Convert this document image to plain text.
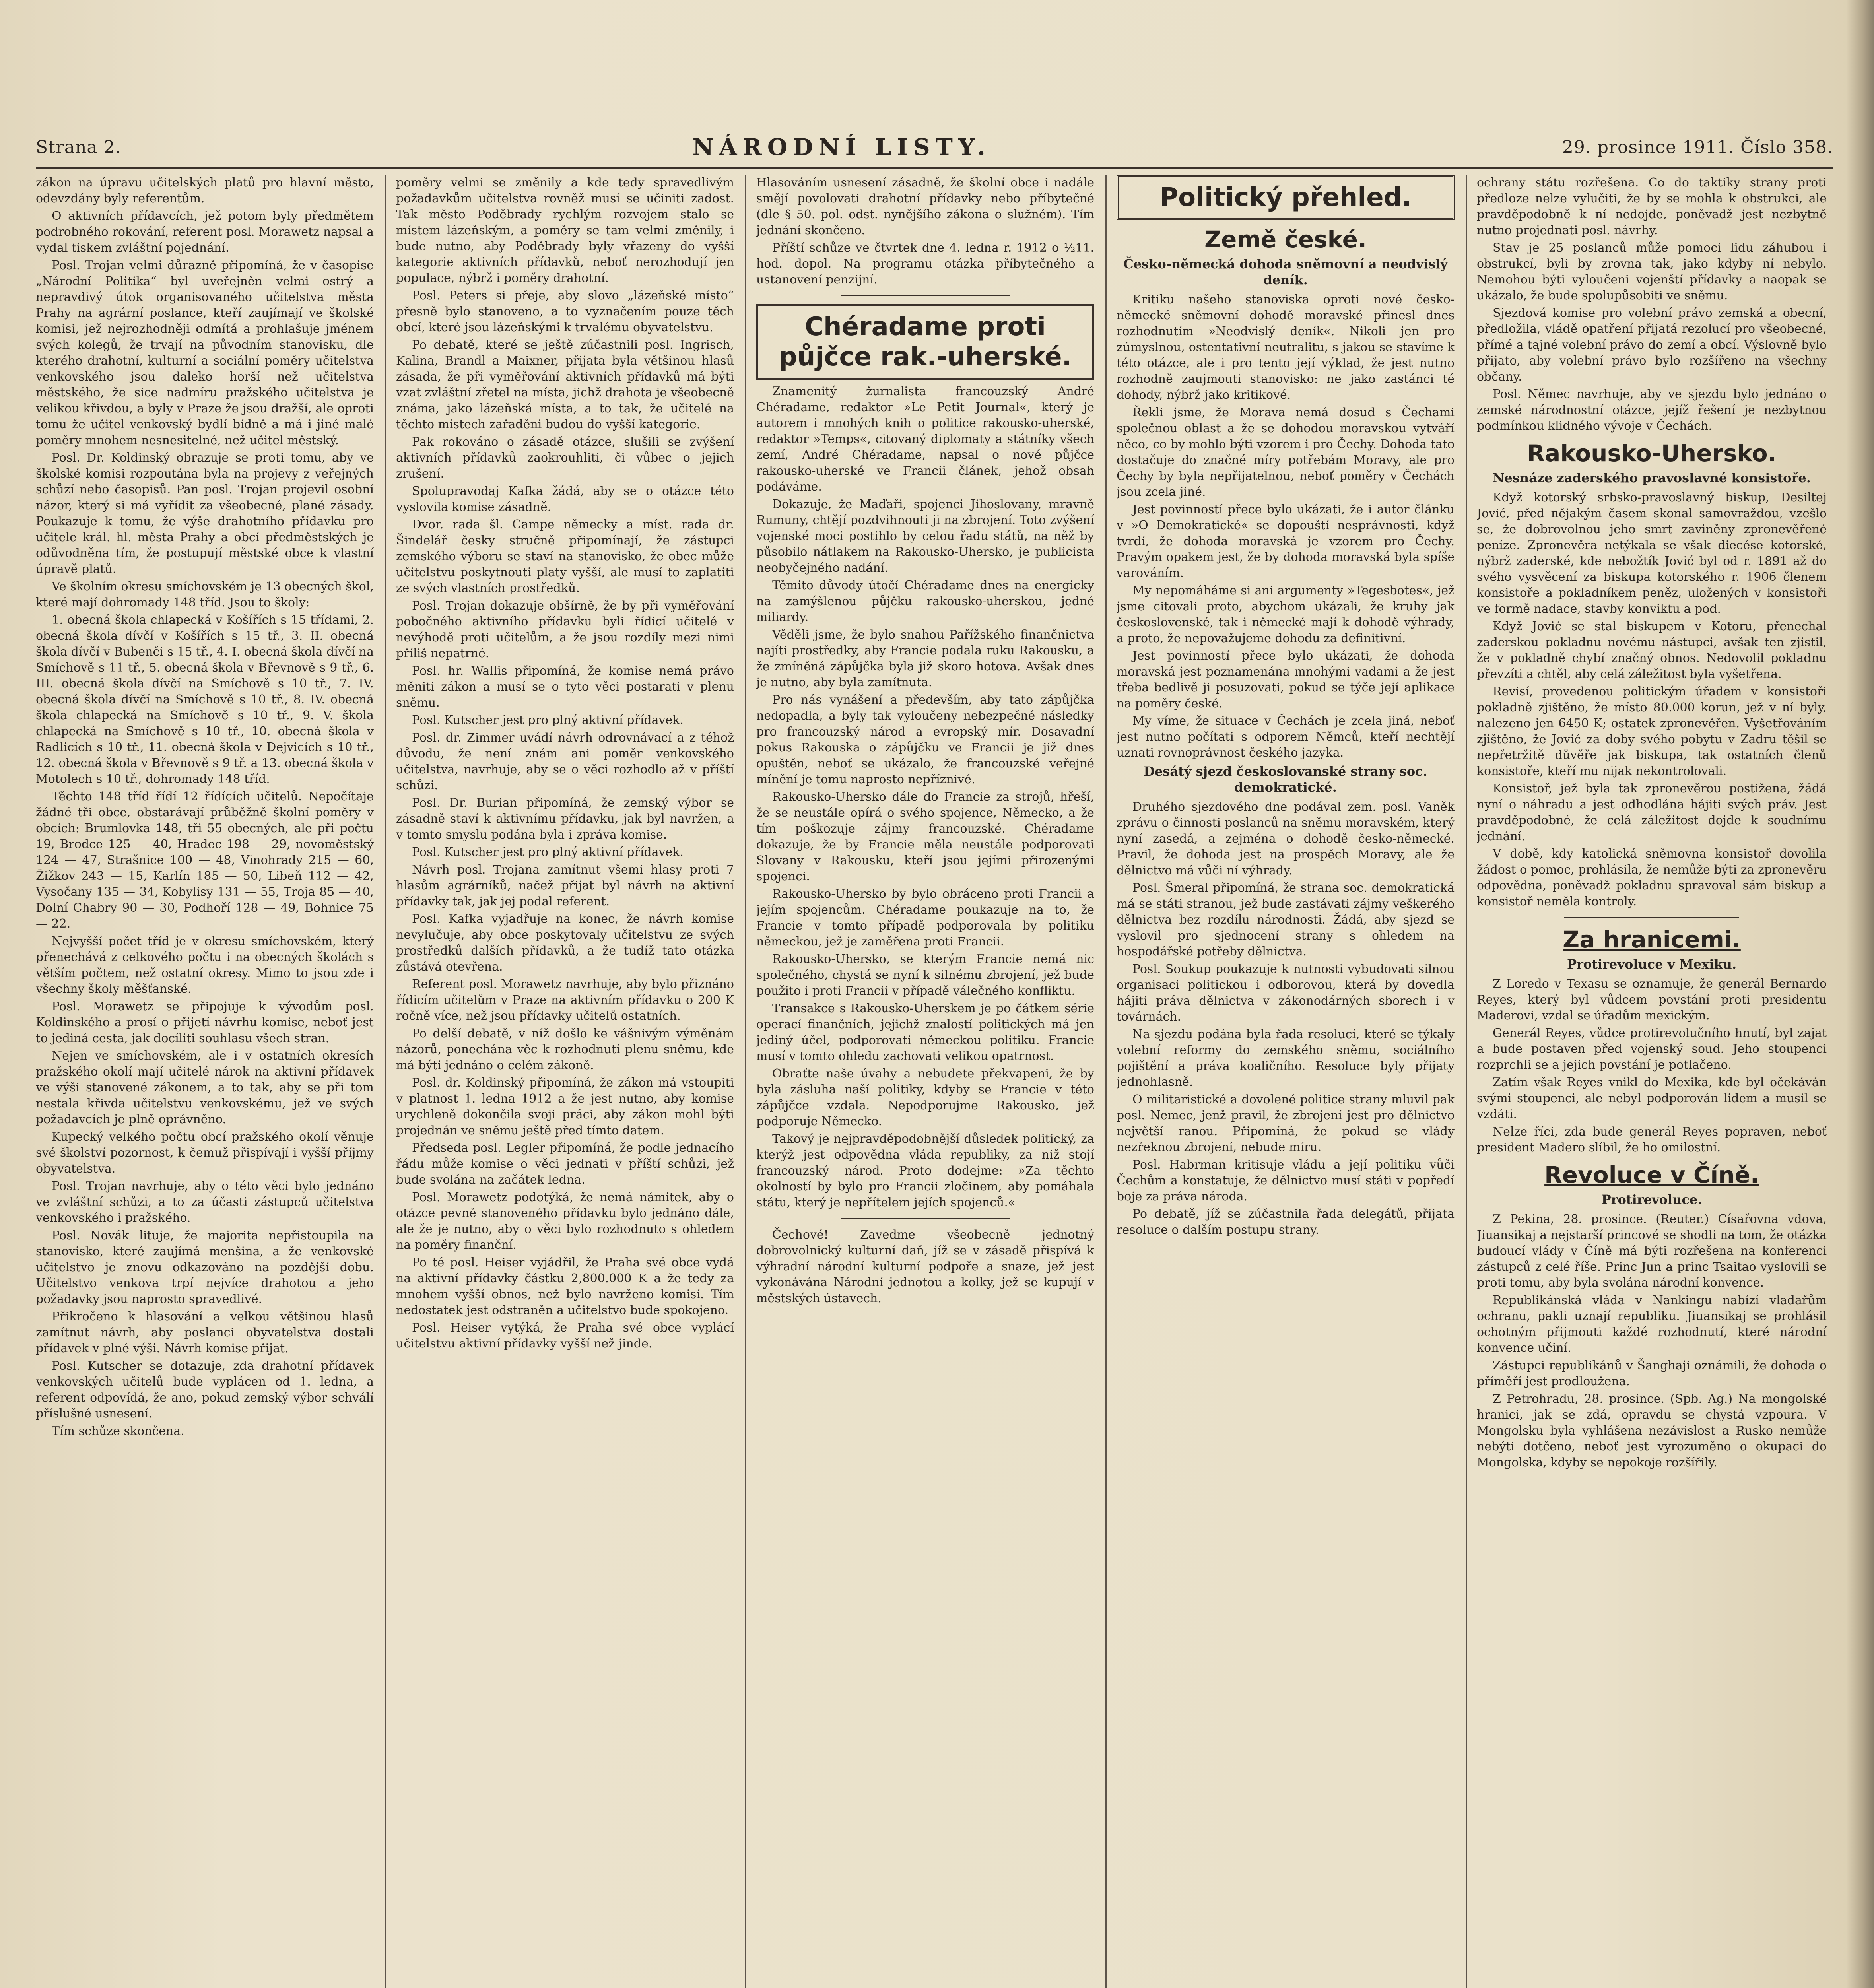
Strana 2.	NÁRODNÍ LISTY.	29. prosince 1911. Číslo 358.

zákon na úpravu učitelských platů pro hlavní město, odevzdány byly referentům.

O aktivních přídavcích, jež potom byly předmětem podrobného rokování, referent posl. Morawetz napsal a vydal tiskem zvláštní pojednání.

Posl. Trojan velmi důrazně připomíná, že v časopise „Národní Politika“ byl uveřejněn velmi ostrý a nepravdivý útok organisovaného učitelstva města Prahy na agrární poslance, kteří zaujímají ve školské komisi, jež nejrozhodněji odmítá a prohlašuje jménem svých kolegů, že trvají na původním stanovisku, dle kterého drahotní, kulturní a sociální poměry učitelstva venkovského jsou daleko horší než učitelstva městského, že sice nadmíru pražského učitelstva je velikou křivdou, a byly v Praze že jsou dražší, ale oproti tomu že učitel venkovský bydlí bídně a má i jiné malé poměry mnohem nesnesitelné, než učitel městský.

Posl. Dr. Koldinský obrazuje se proti tomu, aby ve školské komisi rozpoutána byla na projevy z veřejných schůzí nebo časopisů. Pan posl. Trojan projevil osobní názor, který si má vyřídit za všeobecné, plané zásady. Poukazuje k tomu, že výše drahotního přídavku pro učitele král. hl. města Prahy a obcí předměstských je odůvodněna tím, že postupují městské obce k vlastní úpravě platů.

Ve školním okresu smíchovském je 13 obecných škol, které mají dohromady 148 tříd. Jsou to školy:

1. obecná škola chlapecká v Košířích s 15 třídami, 2. obecná škola dívčí v Košířích s 15 tř., 3. II. obecná škola dívčí v Bubenči s 15 tř., 4. I. obecná škola dívčí na Smíchově s 11 tř., 5. obecná škola v Břevnově s 9 tř., 6. III. obecná škola dívčí na Smíchově s 10 tř., 7. IV. obecná škola dívčí na Smíchově s 10 tř., 8. IV. obecná škola chlapecká na Smíchově s 10 tř., 9. V. škola chlapecká na Smíchově s 10 tř., 10. obecná škola v Radlicích s 10 tř., 11. obecná škola v Dejvicích s 10 tř., 12. obecná škola v Břevnově s 9 tř. a 13. obecná škola v Motolech s 10 tř., dohromady 148 tříd.

Těchto 148 tříd řídí 12 řídících učitelů. Nepočítaje žádné tři obce, obstarávají průběžně školní poměry v obcích: Brumlovka 148, tři 55 obecných, ale při počtu 19, Brodce 125 — 40, Hradec 198 — 29, novoměstský 124 — 47, Strašnice 100 — 48, Vinohrady 215 — 60, Žižkov 243 — 15, Karlín 185 — 50, Libeň 112 — 42, Vysočany 135 — 34, Kobylisy 131 — 55, Troja 85 — 40, Dolní Chabry 90 — 30, Podhoří 128 — 49, Bohnice 75 — 22.

Nejvyšší počet tříd je v okresu smíchovském, který přenechává z celkového počtu i na obecných školách s větším počtem, než ostatní okresy. Mimo to jsou zde i všechny školy měšťanské.

Posl. Morawetz se připojuje k vývodům posl. Koldinského a prosí o přijetí návrhu komise, neboť jest to jediná cesta, jak docíliti souhlasu všech stran.

Nejen ve smíchovském, ale i v ostatních okresích pražského okolí mají učitelé nárok na aktivní přídavek ve výši stanovené zákonem, a to tak, aby se při tom nestala křivda učitelstvu venkovskému, jež ve svých požadavcích je plně oprávněno.

Kupecký velkého počtu obcí pražského okolí věnuje své školství pozornost, k čemuž přispívají i vyšší příjmy obyvatelstva.

Posl. Trojan navrhuje, aby o této věci bylo jednáno ve zvláštní schůzi, a to za účasti zástupců učitelstva venkovského i pražského.

Posl. Novák lituje, že majorita nepřistoupila na stanovisko, které zaujímá menšina, a že venkovské učitelstvo je znovu odkazováno na pozdější dobu. Učitelstvo venkova trpí nejvíce drahotou a jeho požadavky jsou naprosto spravedlivé.

Přikročeno k hlasování a velkou většinou hlasů zamítnut návrh, aby poslanci obyvatelstva dostali přídavek v plné výši. Návrh komise přijat.

Posl. Kutscher se dotazuje, zda drahotní přídavek venkovských učitelů bude vyplácen od 1. ledna, a referent odpovídá, že ano, pokud zemský výbor schválí příslušné usnesení.

Tím schůze skončena.

poměry velmi se změnily a kde tedy spravedlivým požadavkům učitelstva rovněž musí se učiniti zadost. Tak město Poděbrady rychlým rozvojem stalo se místem lázeňským, a poměry se tam velmi změnily, i bude nutno, aby Poděbrady byly vřazeny do vyšší kategorie aktivních přídavků, neboť nerozhodují jen populace, nýbrž i poměry drahotní.

Posl. Peters si přeje, aby slovo „lázeňské místo“ přesně bylo stanoveno, a to vyznačením pouze těch obcí, které jsou lázeňskými k trvalému obyvatelstvu.

Po debatě, které se ještě zúčastnili posl. Ingrisch, Kalina, Brandl a Maixner, přijata byla většinou hlasů zásada, že při vyměřování aktivních přídavků má býti vzat zvláštní zřetel na místa, jichž drahota je všeobecně známa, jako lázeňská místa, a to tak, že učitelé na těchto místech zařaděni budou do vyšší kategorie.

Pak rokováno o zásadě otázce, slušili se zvýšení aktivních přídavků zaokrouhliti, či vůbec o jejich zrušení.

Spolupravodaj Kafka žádá, aby se o otázce této vyslovila komise zásadně.

Dvor. rada šl. Campe německy a míst. rada dr. Šindelář česky stručně připomínají, že zástupci zemského výboru se staví na stanovisko, že obec může učitelstvu poskytnouti platy vyšší, ale musí to zaplatiti ze svých vlastních prostředků.

Posl. Trojan dokazuje obšírně, že by při vyměřování pobočného aktivního přídavku byli řídicí učitelé v nevýhodě proti učitelům, a že jsou rozdíly mezi nimi příliš nepatrné.

Posl. hr. Wallis připomíná, že komise nemá právo měniti zákon a musí se o tyto věci postarati v plenu sněmu.

Posl. Kutscher jest pro plný aktivní přídavek.

Posl. dr. Zimmer uvádí návrh odrovnávací a z téhož důvodu, že není znám ani poměr venkovského učitelstva, navrhuje, aby se o věci rozhodlo až v příští schůzi.

Posl. Dr. Burian připomíná, že zemský výbor se zásadně staví k aktivnímu přídavku, jak byl navržen, a v tomto smyslu podána byla i zpráva komise.

Posl. Kutscher jest pro plný aktivní přídavek.

Návrh posl. Trojana zamítnut všemi hlasy proti 7 hlasům agrárníků, načež přijat byl návrh na aktivní přídavky tak, jak jej podal referent.

Posl. Kafka vyjadřuje na konec, že návrh komise nevylučuje, aby obce poskytovaly učitelstvu ze svých prostředků dalších přídavků, a že tudíž tato otázka zůstává otevřena.

Referent posl. Morawetz navrhuje, aby bylo přiznáno řídicím učitelům v Praze na aktivním přídavku o 200 K ročně více, než jsou přídavky učitelů ostatních.

Po delší debatě, v níž došlo ke vášnivým výměnám názorů, ponechána věc k rozhodnutí plenu sněmu, kde má býti jednáno o celém zákoně.

Posl. dr. Koldinský připomíná, že zákon má vstoupiti v platnost 1. ledna 1912 a že jest nutno, aby komise urychleně dokončila svoji práci, aby zákon mohl býti projednán ve sněmu ještě před tímto datem.

Předseda posl. Legler připomíná, že podle jednacího řádu může komise o věci jednati v příští schůzi, jež bude svolána na začátek ledna.

Posl. Morawetz podotýká, že nemá námitek, aby o otázce pevně stanoveného přídavku bylo jednáno dále, ale že je nutno, aby o věci bylo rozhodnuto s ohledem na poměry finanční.

Po té posl. Heiser vyjádřil, že Praha své obce vydá na aktivní přídavky částku 2,800.000 K a že tedy za mnohem vyšší obnos, než bylo navrženo komisí. Tím nedostatek jest odstraněn a učitelstvo bude spokojeno.

Posl. Heiser vytýká, že Praha své obce vyplácí učitelstvu aktivní přídavky vyšší než jinde.

Hlasováním usnesení zásadně, že školní obce i nadále smějí povolovati drahotní přídavky nebo příbytečné (dle § 50. pol. odst. nynějšího zákona o služném). Tím jednání skončeno.

Příští schůze ve čtvrtek dne 4. ledna r. 1912 o ½11. hod. dopol. Na programu otázka příbytečného a ustanovení penzijní.

Chéradame proti půjčce rak.-uherské.

Znamenitý žurnalista francouzský André Chéradame, redaktor »Le Petit Journal«, který je autorem i mnohých knih o politice rakousko-uherské, redaktor »Temps«, citovaný diplomaty a státníky všech zemí, André Chéradame, napsal o nové půjčce rakousko-uherské ve Francii článek, jehož obsah podáváme.

Dokazuje, že Maďaři, spojenci Jihoslovany, mravně Rumuny, chtějí pozdvihnouti ji na zbrojení. Toto zvýšení vojenské moci postihlo by celou řadu států, na něž by působilo nátlakem na Rakousko-Uhersko, je publicista neobyčejného nadání.

Těmito důvody útočí Chéradame dnes na energicky na zamýšlenou půjčku rakousko-uherskou, jedné miliardy.

Věděli jsme, že bylo snahou Pařížského finančnictva najíti prostředky, aby Francie podala ruku Rakousku, a že zmíněná zápůjčka byla již skoro hotova. Avšak dnes je nutno, aby byla zamítnuta.

Pro nás vynášení a především, aby tato zápůjčka nedopadla, a byly tak vyloučeny nebezpečné následky pro francouzský národ a evropský mír. Dosavadní pokus Rakouska o zápůjčku ve Francii je již dnes opuštěn, neboť se ukázalo, že francouzské veřejné mínění je tomu naprosto nepříznivé.

Rakousko-Uhersko dále do Francie za strojů, hřeší, že se neustále opírá o svého spojence, Německo, a že tím poškozuje zájmy francouzské. Chéradame dokazuje, že by Francie měla neustále podporovati Slovany v Rakousku, kteří jsou jejími přirozenými spojenci.

Rakousko-Uhersko by bylo obráceno proti Francii a jejím spojencům. Chéradame poukazuje na to, že Francie v tomto případě podporovala by politiku německou, jež je zaměřena proti Francii.

Rakousko-Uhersko, se kterým Francie nemá nic společného, chystá se nyní k silnému zbrojení, jež bude použito i proti Francii v případě válečného konfliktu.

Transakce s Rakousko-Uherskem je po čátkem série operací finančních, jejichž znalostí politických má jen jediný účel, podporovati německou politiku. Francie musí v tomto ohledu zachovati velikou opatrnost.

Obraťte naše úvahy a nebudete překvapeni, že by byla zásluha naší politiky, kdyby se Francie v této zápůjčce vzdala. Nepodporujme Rakousko, jež podporuje Německo.

Takový je nejpravděpodobnější důsledek politický, za kterýž jest odpovědna vláda republiky, za niž stojí francouzský národ. Proto dodejme: »Za těchto okolností by bylo pro Francii zločinem, aby pomáhala státu, který je nepřítelem jejích spojenců.«

Čechové! Zavedme všeobecně jednotný dobrovolnický kulturní daň, jíž se v zásadě přispívá k výhradní národní kulturní podpoře a snaze, jež jest vykonávána Národní jednotou a kolky, jež se kupují v městských ústavech.

Politický přehled.
Země české.
Česko-německá dohoda sněmovní a neodvislý deník.

Kritiku našeho stanoviska oproti nové česko-německé sněmovní dohodě moravské přinesl dnes rozhodnutím »Neodvislý deník«. Nikoli jen pro zúmyslnou, ostentativní neutralitu, s jakou se stavíme k této otázce, ale i pro tento její výklad, že jest nutno rozhodně zaujmouti stanovisko: ne jako zastánci té dohody, nýbrž jako kritikové.

Řekli jsme, že Morava nemá dosud s Čechami společnou oblast a že se dohodou moravskou vytváří něco, co by mohlo býti vzorem i pro Čechy. Dohoda tato dostačuje do značné míry potřebám Moravy, ale pro Čechy by byla nepřijatelnou, neboť poměry v Čechách jsou zcela jiné.

Jest povinností přece bylo ukázati, že i autor článku v »O Demokratické« se dopouští nesprávnosti, když tvrdí, že dohoda moravská je vzorem pro Čechy. Pravým opakem jest, že by dohoda moravská byla spíše varováním.

My nepomáháme si ani argumenty »Tegesbotes«, jež jsme citovali proto, abychom ukázali, že kruhy jak československé, tak i německé mají k dohodě výhrady, a proto, že nepovažujeme dohodu za definitivní.

Jest povinností přece bylo ukázati, že dohoda moravská jest poznamenána mnohými vadami a že jest třeba bedlivě ji posuzovati, pokud se týče její aplikace na poměry české.

My víme, že situace v Čechách je zcela jiná, neboť jest nutno počítati s odporem Němců, kteří nechtějí uznati rovnoprávnost českého jazyka.

Desátý sjezd českoslovanské strany soc. demokratické.

Druhého sjezdového dne podával zem. posl. Vaněk zprávu o činnosti poslanců na sněmu moravském, který nyní zasedá, a zejména o dohodě česko-německé. Pravil, že dohoda jest na prospěch Moravy, ale že dělnictvo má vůči ní výhrady.

Posl. Šmeral připomíná, že strana soc. demokratická má se státi stranou, jež bude zastávati zájmy veškerého dělnictva bez rozdílu národnosti. Žádá, aby sjezd se vyslovil pro sjednocení strany s ohledem na hospodářské potřeby dělnictva.

Posl. Soukup poukazuje k nutnosti vybudovati silnou organisaci politickou i odborovou, která by dovedla hájiti práva dělnictva v zákonodárných sborech i v továrnách.

Na sjezdu podána byla řada resolucí, které se týkaly volební reformy do zemského sněmu, sociálního pojištění a práva koaličního. Resoluce byly přijaty jednohlasně.

O militaristické a dovolené politice strany mluvil pak posl. Nemec, jenž pravil, že zbrojení jest pro dělnictvo největší ranou. Připomíná, že pokud se vlády nezřeknou zbrojení, nebude míru.

Posl. Habrman kritisuje vládu a její politiku vůči Čechům a konstatuje, že dělnictvo musí státi v popředí boje za práva národa.

Po debatě, jíž se zúčastnila řada delegátů, přijata resoluce o dalším postupu strany.

ochrany státu rozřešena. Co do taktiky strany proti předloze nelze vylučiti, že by se mohla k obstrukci, ale pravděpodobně k ní nedojde, poněvadž jest nezbytně nutno projednati posl. návrhy.

Stav je 25 poslanců může pomoci lidu záhubou i obstrukcí, byli by zrovna tak, jako kdyby ní nebylo. Nemohou býti vyloučeni vojenští přídavky a naopak se ukázalo, že bude spolupůsobiti ve sněmu.

Sjezdová komise pro volební právo zemská a obecní, předložila, vládě opatření přijatá rezolucí pro všeobecné, přímé a tajné volební právo do zemí a obcí. Výslovně bylo přijato, aby volební právo bylo rozšířeno na všechny občany.

Posl. Němec navrhuje, aby ve sjezdu bylo jednáno o zemské národnostní otázce, jejíž řešení je nezbytnou podmínkou klidného vývoje v Čechách.

Rakousko-Uhersko.
Nesnáze zaderského pravoslavné konsistoře.

Když kotorský srbsko-pravoslavný biskup, Desiltej Jović, před nějakým časem skonal samovraždou, vzešlo se, že dobrovolnou jeho smrt zaviněny zpronevěřené peníze. Zpronevěra netýkala se však diecése kotorské, nýbrž zaderské, kde nebožtík Jović byl od r. 1891 až do svého vysvěcení za biskupa kotorského r. 1906 členem konsistoře a pokladníkem peněz, uložených v konsistoři ve formě nadace, stavby konviktu a pod.

Když Jović se stal biskupem v Kotoru, přenechal zaderskou pokladnu novému nástupci, avšak ten zjistil, že v pokladně chybí značný obnos. Nedovolil pokladnu převzíti a chtěl, aby celá záležitost byla vyšetřena.

Revisí, provedenou politickým úřadem v konsistoři pokladně zjištěno, že místo 80.000 korun, jež v ní byly, nalezeno jen 6450 K; ostatek zpronevěřen. Vyšetřováním zjištěno, že Jović za doby svého pobytu v Zadru těšil se nepřetržitě důvěře jak biskupa, tak ostatních členů konsistoře, kteří mu nijak nekontrolovali.

Konsistoř, jež byla tak zpronevěrou postižena, žádá nyní o náhradu a jest odhodlána hájiti svých práv. Jest pravděpodobné, že celá záležitost dojde k soudnímu jednání.

V době, kdy katolická sněmovna konsistoř dovolila žádost o pomoc, prohlásila, že nemůže býti za zpronevěru odpovědna, poněvadž pokladnu spravoval sám biskup a konsistoř neměla kontroly.

Za hranicemi.
Protirevoluce v Mexiku.

Z Loredo v Texasu se oznamuje, že generál Bernardo Reyes, který byl vůdcem povstání proti presidentu Maderovi, vzdal se úřadům mexickým.

Generál Reyes, vůdce protirevolučního hnutí, byl zajat a bude postaven před vojenský soud. Jeho stoupenci rozprchli se a jejich povstání je potlačeno.

Zatím však Reyes vnikl do Mexika, kde byl očekáván svými stoupenci, ale nebyl podporován lidem a musil se vzdáti.

Nelze říci, zda bude generál Reyes popraven, neboť president Madero slíbil, že ho omilostní.

Revoluce v Číně.
Protirevoluce.

Z Pekina, 28. prosince. (Reuter.) Císařovna vdova, Jiuansikaj a nejstarší princové se shodli na tom, že otázka budoucí vlády v Číně má býti rozřešena na konferenci zástupců z celé říše. Princ Jun a princ Tsaitao vyslovili se proti tomu, aby byla svolána národní konvence.

Republikánská vláda v Nankingu nabízí vladařům ochranu, pakli uznají republiku. Jiuansikaj se prohlásil ochotným přijmouti každé rozhodnutí, které národní konvence učiní.

Zástupci republikánů v Šanghaji oznámili, že dohoda o příměří jest prodloužena.

Z Petrohradu, 28. prosince. (Spb. Ag.) Na mongolské hranici, jak se zdá, opravdu se chystá vzpoura. V Mongolsku byla vyhlášena nezávislost a Rusko nemůže nebýti dotčeno, neboť jest vyrozuměno o okupaci do Mongolska, kdyby se nepokoje rozšířily.
